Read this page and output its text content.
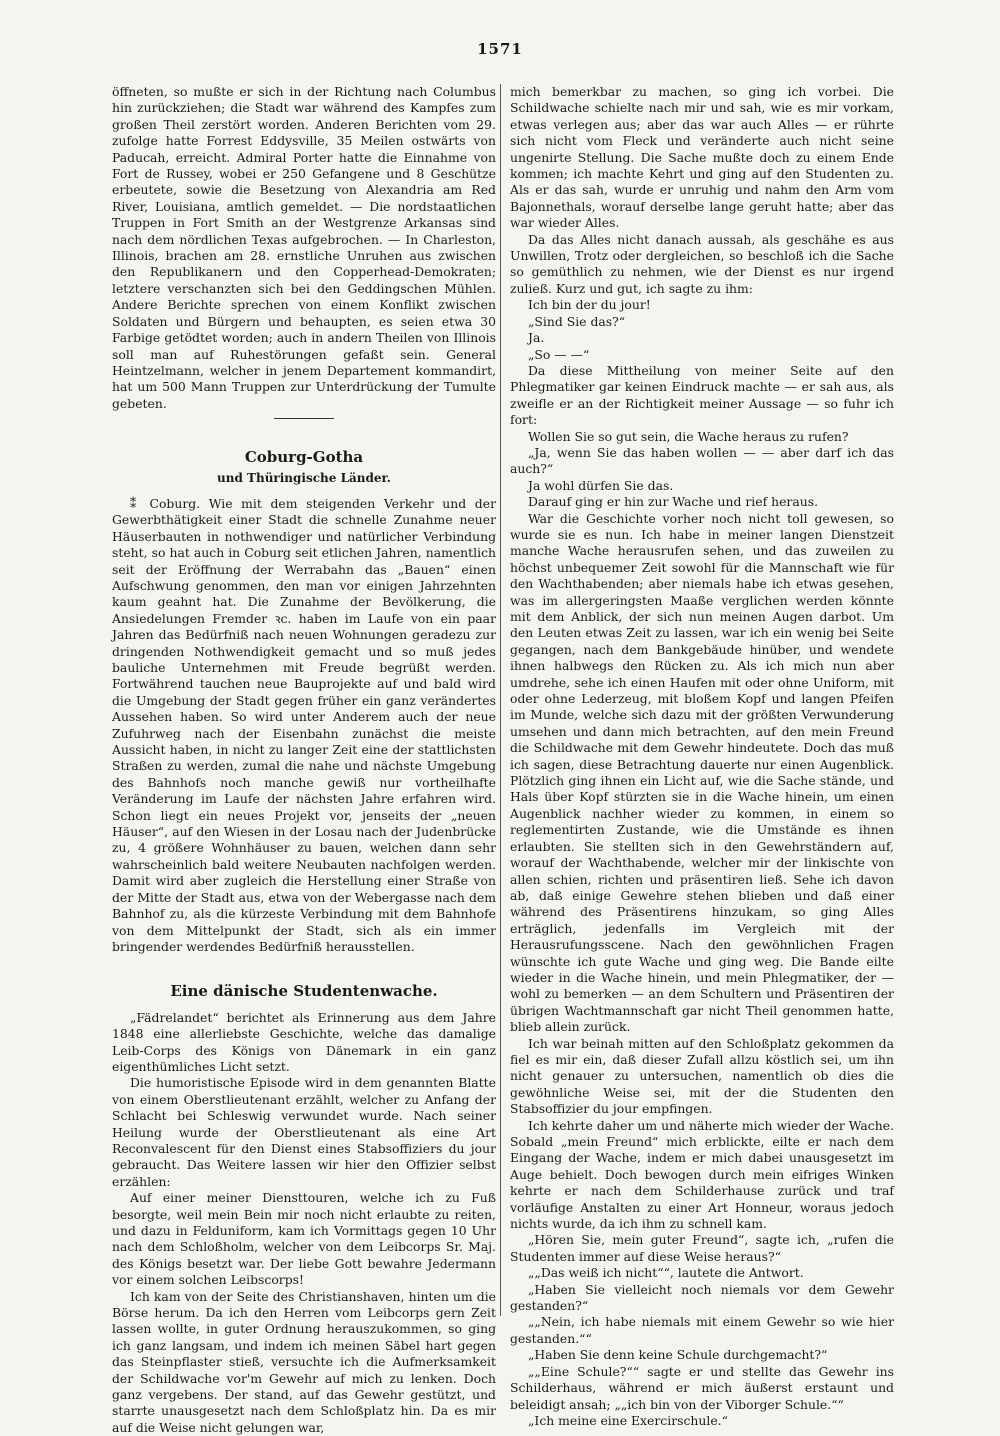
1571

öffneten, so mußte er sich in der Richtung nach Columbus hin zurückziehen; die Stadt war während des Kampfes zum großen Theil zerstört worden. Anderen Berichten vom 29. zufolge hatte Forrest Eddysville, 35 Meilen ostwärts von Paducah, erreicht. Admiral Porter hatte die Einnahme von Fort de Russey, wobei er 250 Gefangene und 8 Geschütze erbeutete, sowie die Besetzung von Alexandria am Red River, Louisiana, amtlich gemeldet. — Die nordstaatlichen Truppen in Fort Smith an der Westgrenze Arkansas sind nach dem nördlichen Texas aufgebrochen. — In Charleston, Illinois, brachen am 28. ernstliche Unruhen aus zwischen den Republikanern und den Copperhead-Demokraten; letztere verschanzten sich bei den Geddingschen Mühlen. Andere Berichte sprechen von einem Konflikt zwischen Soldaten und Bürgern und behaupten, es seien etwa 30 Farbige getödtet worden; auch in andern Theilen von Illinois soll man auf Ruhestörungen gefaßt sein. General Heintzelmann, welcher in jenem Departement kommandirt, hat um 500 Mann Truppen zur Unterdrückung der Tumulte gebeten.

Coburg-Gotha
und Thüringische Länder.

⁑ Coburg. Wie mit dem steigenden Verkehr und der Gewerbthätigkeit einer Stadt die schnelle Zunahme neuer Häuserbauten in nothwendiger und natürlicher Verbindung steht, so hat auch in Coburg seit etlichen Jahren, namentlich seit der Eröffnung der Werrabahn das „Bauen“ einen Aufschwung genommen, den man vor einigen Jahrzehnten kaum geahnt hat. Die Zunahme der Bevölkerung, die Ansiedelungen Fremder ꝛc. haben im Laufe von ein paar Jahren das Bedürfniß nach neuen Wohnungen geradezu zur dringenden Nothwendigkeit gemacht und so muß jedes bauliche Unternehmen mit Freude begrüßt werden. Fortwährend tauchen neue Bauprojekte auf und bald wird die Umgebung der Stadt gegen früher ein ganz verändertes Aussehen haben. So wird unter Anderem auch der neue Zufuhrweg nach der Eisenbahn zunächst die meiste Aussicht haben, in nicht zu langer Zeit eine der stattlichsten Straßen zu werden, zumal die nahe und nächste Umgebung des Bahnhofs noch manche gewiß nur vortheilhafte Veränderung im Laufe der nächsten Jahre erfahren wird. Schon liegt ein neues Projekt vor, jenseits der „neuen Häuser“, auf den Wiesen in der Losau nach der Judenbrücke zu, 4 größere Wohnhäuser zu bauen, welchen dann sehr wahrscheinlich bald weitere Neubauten nachfolgen werden. Damit wird aber zugleich die Herstellung einer Straße von der Mitte der Stadt aus, etwa von der Webergasse nach dem Bahnhof zu, als die kürzeste Verbindung mit dem Bahnhofe von dem Mittelpunkt der Stadt, sich als ein immer bringender werdendes Bedürfniß herausstellen.

Eine dänische Studentenwache.

„Fädrelandet“ berichtet als Erinnerung aus dem Jahre 1848 eine allerliebste Geschichte, welche das damalige Leib-Corps des Königs von Dänemark in ein ganz eigenthümliches Licht setzt.

Die humoristische Episode wird in dem genannten Blatte von einem Oberstlieutenant erzählt, welcher zu Anfang der Schlacht bei Schleswig verwundet wurde. Nach seiner Heilung wurde der Oberstlieutenant als eine Art Reconvalescent für den Dienst eines Stabsoffiziers du jour gebraucht. Das Weitere lassen wir hier den Offizier selbst erzählen:

Auf einer meiner Diensttouren, welche ich zu Fuß besorgte, weil mein Bein mir noch nicht erlaubte zu reiten, und dazu in Felduniform, kam ich Vormittags gegen 10 Uhr nach dem Schloßholm, welcher von dem Leibcorps Sr. Maj. des Königs besetzt war. Der liebe Gott bewahre Jedermann vor einem solchen Leibscorps!

Ich kam von der Seite des Christianshaven, hinten um die Börse herum. Da ich den Herren vom Leibcorps gern Zeit lassen wollte, in guter Ordnung herauszukommen, so ging ich ganz langsam, und indem ich meinen Säbel hart gegen das Steinpflaster stieß, versuchte ich die Aufmerksamkeit der Schildwache vor'm Gewehr auf mich zu lenken. Doch ganz vergebens. Der stand, auf das Gewehr gestützt, und starrte unausgesetzt nach dem Schloßplatz hin. Da es mir auf die Weise nicht gelungen war,

mich bemerkbar zu machen, so ging ich vorbei. Die Schildwache schielte nach mir und sah, wie es mir vorkam, etwas verlegen aus; aber das war auch Alles — er rührte sich nicht vom Fleck und veränderte auch nicht seine ungenirte Stellung. Die Sache mußte doch zu einem Ende kommen; ich machte Kehrt und ging auf den Studenten zu. Als er das sah, wurde er unruhig und nahm den Arm vom Bajonnethals, worauf derselbe lange geruht hatte; aber das war wieder Alles.

Da das Alles nicht danach aussah, als geschähe es aus Unwillen, Trotz oder dergleichen, so beschloß ich die Sache so gemüthlich zu nehmen, wie der Dienst es nur irgend zuließ. Kurz und gut, ich sagte zu ihm:

Ich bin der du jour!

„Sind Sie das?“

Ja.

„So — —“

Da diese Mittheilung von meiner Seite auf den Phlegmatiker gar keinen Eindruck machte — er sah aus, als zweifle er an der Richtigkeit meiner Aussage — so fuhr ich fort:

Wollen Sie so gut sein, die Wache heraus zu rufen?

„Ja, wenn Sie das haben wollen — — aber darf ich das auch?“

Ja wohl dürfen Sie das.

Darauf ging er hin zur Wache und rief heraus.

War die Geschichte vorher noch nicht toll gewesen, so wurde sie es nun. Ich habe in meiner langen Dienstzeit manche Wache herausrufen sehen, und das zuweilen zu höchst unbequemer Zeit sowohl für die Mannschaft wie für den Wachthabenden; aber niemals habe ich etwas gesehen, was im allergeringsten Maaße verglichen werden könnte mit dem Anblick, der sich nun meinen Augen darbot. Um den Leuten etwas Zeit zu lassen, war ich ein wenig bei Seite gegangen, nach dem Bankgebäude hinüber, und wendete ihnen halbwegs den Rücken zu. Als ich mich nun aber umdrehe, sehe ich einen Haufen mit oder ohne Uniform, mit oder ohne Lederzeug, mit bloßem Kopf und langen Pfeifen im Munde, welche sich dazu mit der größten Verwunderung umsehen und dann mich betrachten, auf den mein Freund die Schildwache mit dem Gewehr hindeutete. Doch das muß ich sagen, diese Betrachtung dauerte nur einen Augenblick. Plötzlich ging ihnen ein Licht auf, wie die Sache stände, und Hals über Kopf stürzten sie in die Wache hinein, um einen Augenblick nachher wieder zu kommen, in einem so reglementirten Zustande, wie die Umstände es ihnen erlaubten. Sie stellten sich in den Gewehrständern auf, worauf der Wachthabende, welcher mir der linkischte von allen schien, richten und präsentiren ließ. Sehe ich davon ab, daß einige Gewehre stehen blieben und daß einer während des Präsentirens hinzukam, so ging Alles erträglich, jedenfalls im Vergleich mit der Herausrufungsscene. Nach den gewöhnlichen Fragen wünschte ich gute Wache und ging weg. Die Bande eilte wieder in die Wache hinein, und mein Phlegmatiker, der — wohl zu bemerken — an dem Schultern und Präsentiren der übrigen Wachtmannschaft gar nicht Theil genommen hatte, blieb allein zurück.

Ich war beinah mitten auf den Schloßplatz gekommen da fiel es mir ein, daß dieser Zufall allzu köstlich sei, um ihn nicht genauer zu untersuchen, namentlich ob dies die gewöhnliche Weise sei, mit der die Studenten den Stabsoffizier du jour empfingen.

Ich kehrte daher um und näherte mich wieder der Wache. Sobald „mein Freund“ mich erblickte, eilte er nach dem Eingang der Wache, indem er mich dabei unausgesetzt im Auge behielt. Doch bewogen durch mein eifriges Winken kehrte er nach dem Schilderhause zurück und traf vorläufige Anstalten zu einer Art Honneur, woraus jedoch nichts wurde, da ich ihm zu schnell kam.

„Hören Sie, mein guter Freund“, sagte ich, „rufen die Studenten immer auf diese Weise heraus?“

„„Das weiß ich nicht““, lautete die Antwort.

„Haben Sie vielleicht noch niemals vor dem Gewehr gestanden?“

„„Nein, ich habe niemals mit einem Gewehr so wie hier gestanden.““

„Haben Sie denn keine Schule durchgemacht?“

„„Eine Schule?““ sagte er und stellte das Gewehr ins Schilderhaus, während er mich äußerst erstaunt und beleidigt ansah; „„ich bin von der Viborger Schule.““

„Ich meine eine Exercirschule.“
